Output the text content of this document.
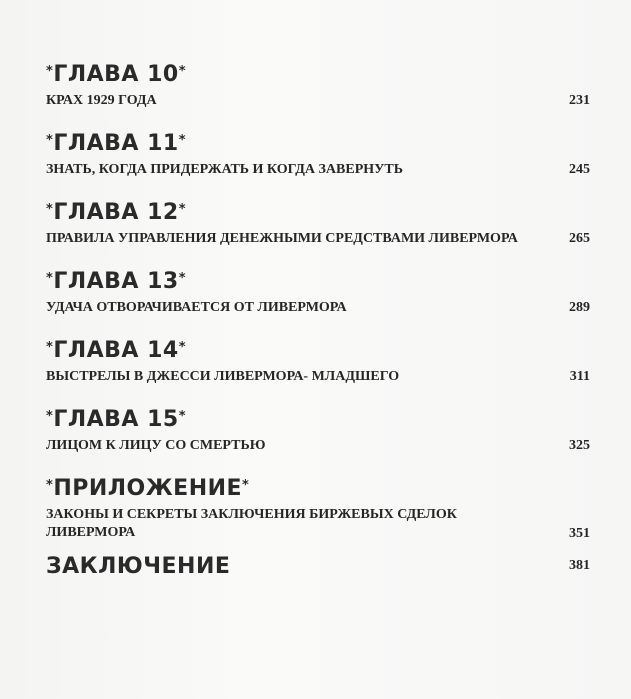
*ГЛАВА 10*
КРАХ 1929 ГОДА	231
*ГЛАВА 11*
ЗНАТЬ, КОГДА ПРИДЕРЖАТЬ И КОГДА ЗАВЕРНУТЬ	245
*ГЛАВА 12*
ПРАВИЛА УПРАВЛЕНИЯ ДЕНЕЖНЫМИ СРЕДСТВАМИ ЛИВЕРМОРА	265
*ГЛАВА 13*
УДАЧА ОТВОРАЧИВАЕТСЯ ОТ ЛИВЕРМОРА	289
*ГЛАВА 14*
ВЫСТРЕЛЫ В ДЖЕССИ ЛИВЕРМОРА- МЛАДШЕГО	311
*ГЛАВА 15*
ЛИЦОМ К ЛИЦУ СО СМЕРТЬЮ	325
*ПРИЛОЖЕНИЕ*
ЗАКОНЫ И СЕКРЕТЫ ЗАКЛЮЧЕНИЯ БИРЖЕВЫХ СДЕЛОК
ЛИВЕРМОРА	351
ЗАКЛЮЧЕНИЕ	381
